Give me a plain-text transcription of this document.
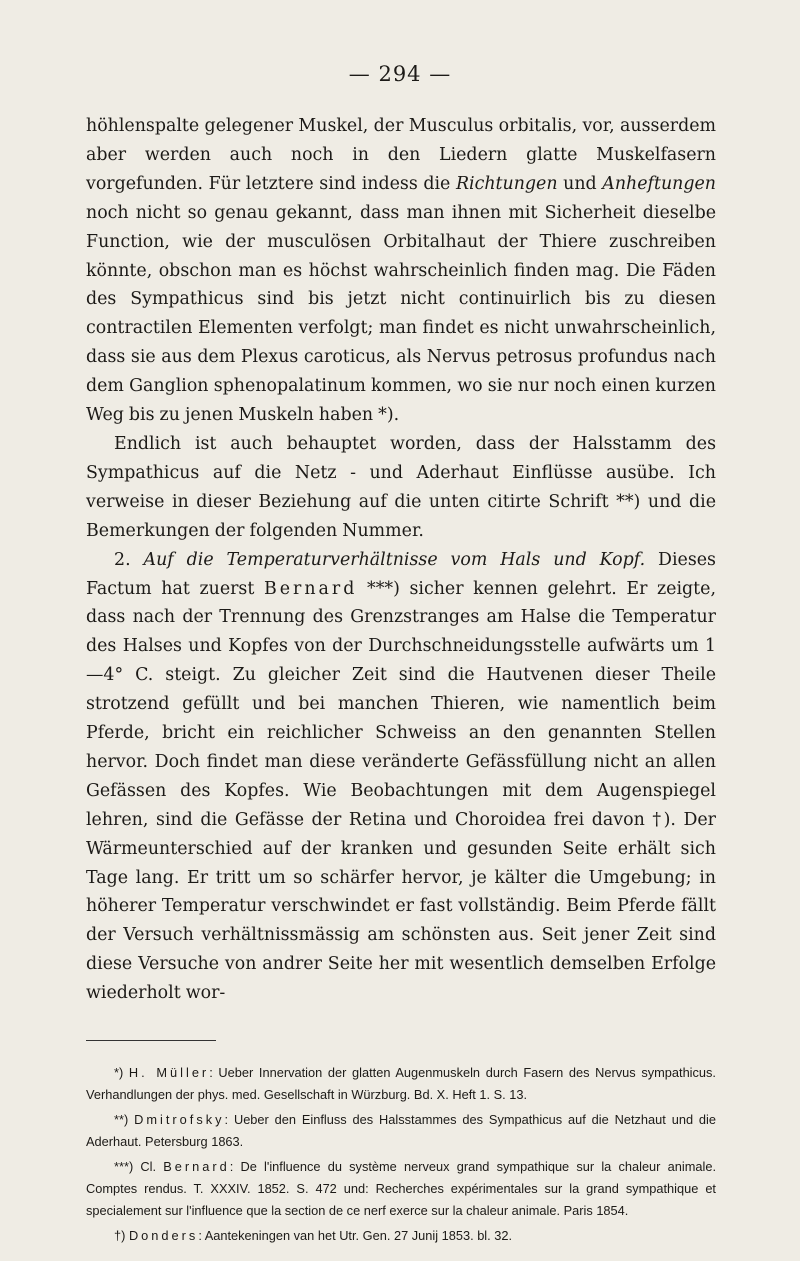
— 294 —

höhlenspalte gelegener Muskel, der Musculus orbitalis, vor, ausserdem aber werden auch noch in den Liedern glatte Muskelfasern vorgefunden. Für letztere sind indess die Richtungen und Anheftungen noch nicht so genau gekannt, dass man ihnen mit Sicherheit dieselbe Function, wie der musculösen Orbitalhaut der Thiere zuschreiben könnte, obschon man es höchst wahrscheinlich finden mag. Die Fäden des Sympathicus sind bis jetzt nicht continuirlich bis zu diesen contractilen Elementen verfolgt; man findet es nicht unwahrscheinlich, dass sie aus dem Plexus caroticus, als Nervus petrosus profundus nach dem Ganglion sphenopalatinum kommen, wo sie nur noch einen kurzen Weg bis zu jenen Muskeln haben *).

Endlich ist auch behauptet worden, dass der Halsstamm des Sympathicus auf die Netz - und Aderhaut Einflüsse ausübe. Ich verweise in dieser Beziehung auf die unten citirte Schrift **) und die Bemerkungen der folgenden Nummer.

2. Auf die Temperaturverhältnisse vom Hals und Kopf. Dieses Factum hat zuerst Bernard ***) sicher kennen gelehrt. Er zeigte, dass nach der Trennung des Grenzstranges am Halse die Temperatur des Halses und Kopfes von der Durchschneidungsstelle aufwärts um 1—4° C. steigt. Zu gleicher Zeit sind die Hautvenen dieser Theile strotzend gefüllt und bei manchen Thieren, wie namentlich beim Pferde, bricht ein reichlicher Schweiss an den genannten Stellen hervor. Doch findet man diese veränderte Gefässfüllung nicht an allen Gefässen des Kopfes. Wie Beobachtungen mit dem Augenspiegel lehren, sind die Gefässe der Retina und Choroidea frei davon †). Der Wärmeunterschied auf der kranken und gesunden Seite erhält sich Tage lang. Er tritt um so schärfer hervor, je kälter die Umgebung; in höherer Temperatur verschwindet er fast vollständig. Beim Pferde fällt der Versuch verhältnissmässig am schönsten aus. Seit jener Zeit sind diese Versuche von andrer Seite her mit wesentlich demselben Erfolge wiederholt wor-

*) H. Müller: Ueber Innervation der glatten Augenmuskeln durch Fasern des Nervus sympathicus. Verhandlungen der phys. med. Gesellschaft in Würzburg. Bd. X. Heft 1. S. 13.

**) Dmitrofsky: Ueber den Einfluss des Halsstammes des Sympathicus auf die Netzhaut und die Aderhaut. Petersburg 1863.

***) Cl. Bernard: De l'influence du système nerveux grand sympathique sur la chaleur animale. Comptes rendus. T. XXXIV. 1852. S. 472 und: Recherches expérimentales sur la grand sympathique et specialement sur l'influence que la section de ce nerf exerce sur la chaleur animale. Paris 1854.

†) Donders: Aantekeningen van het Utr. Gen. 27 Junij 1853. bl. 32.
